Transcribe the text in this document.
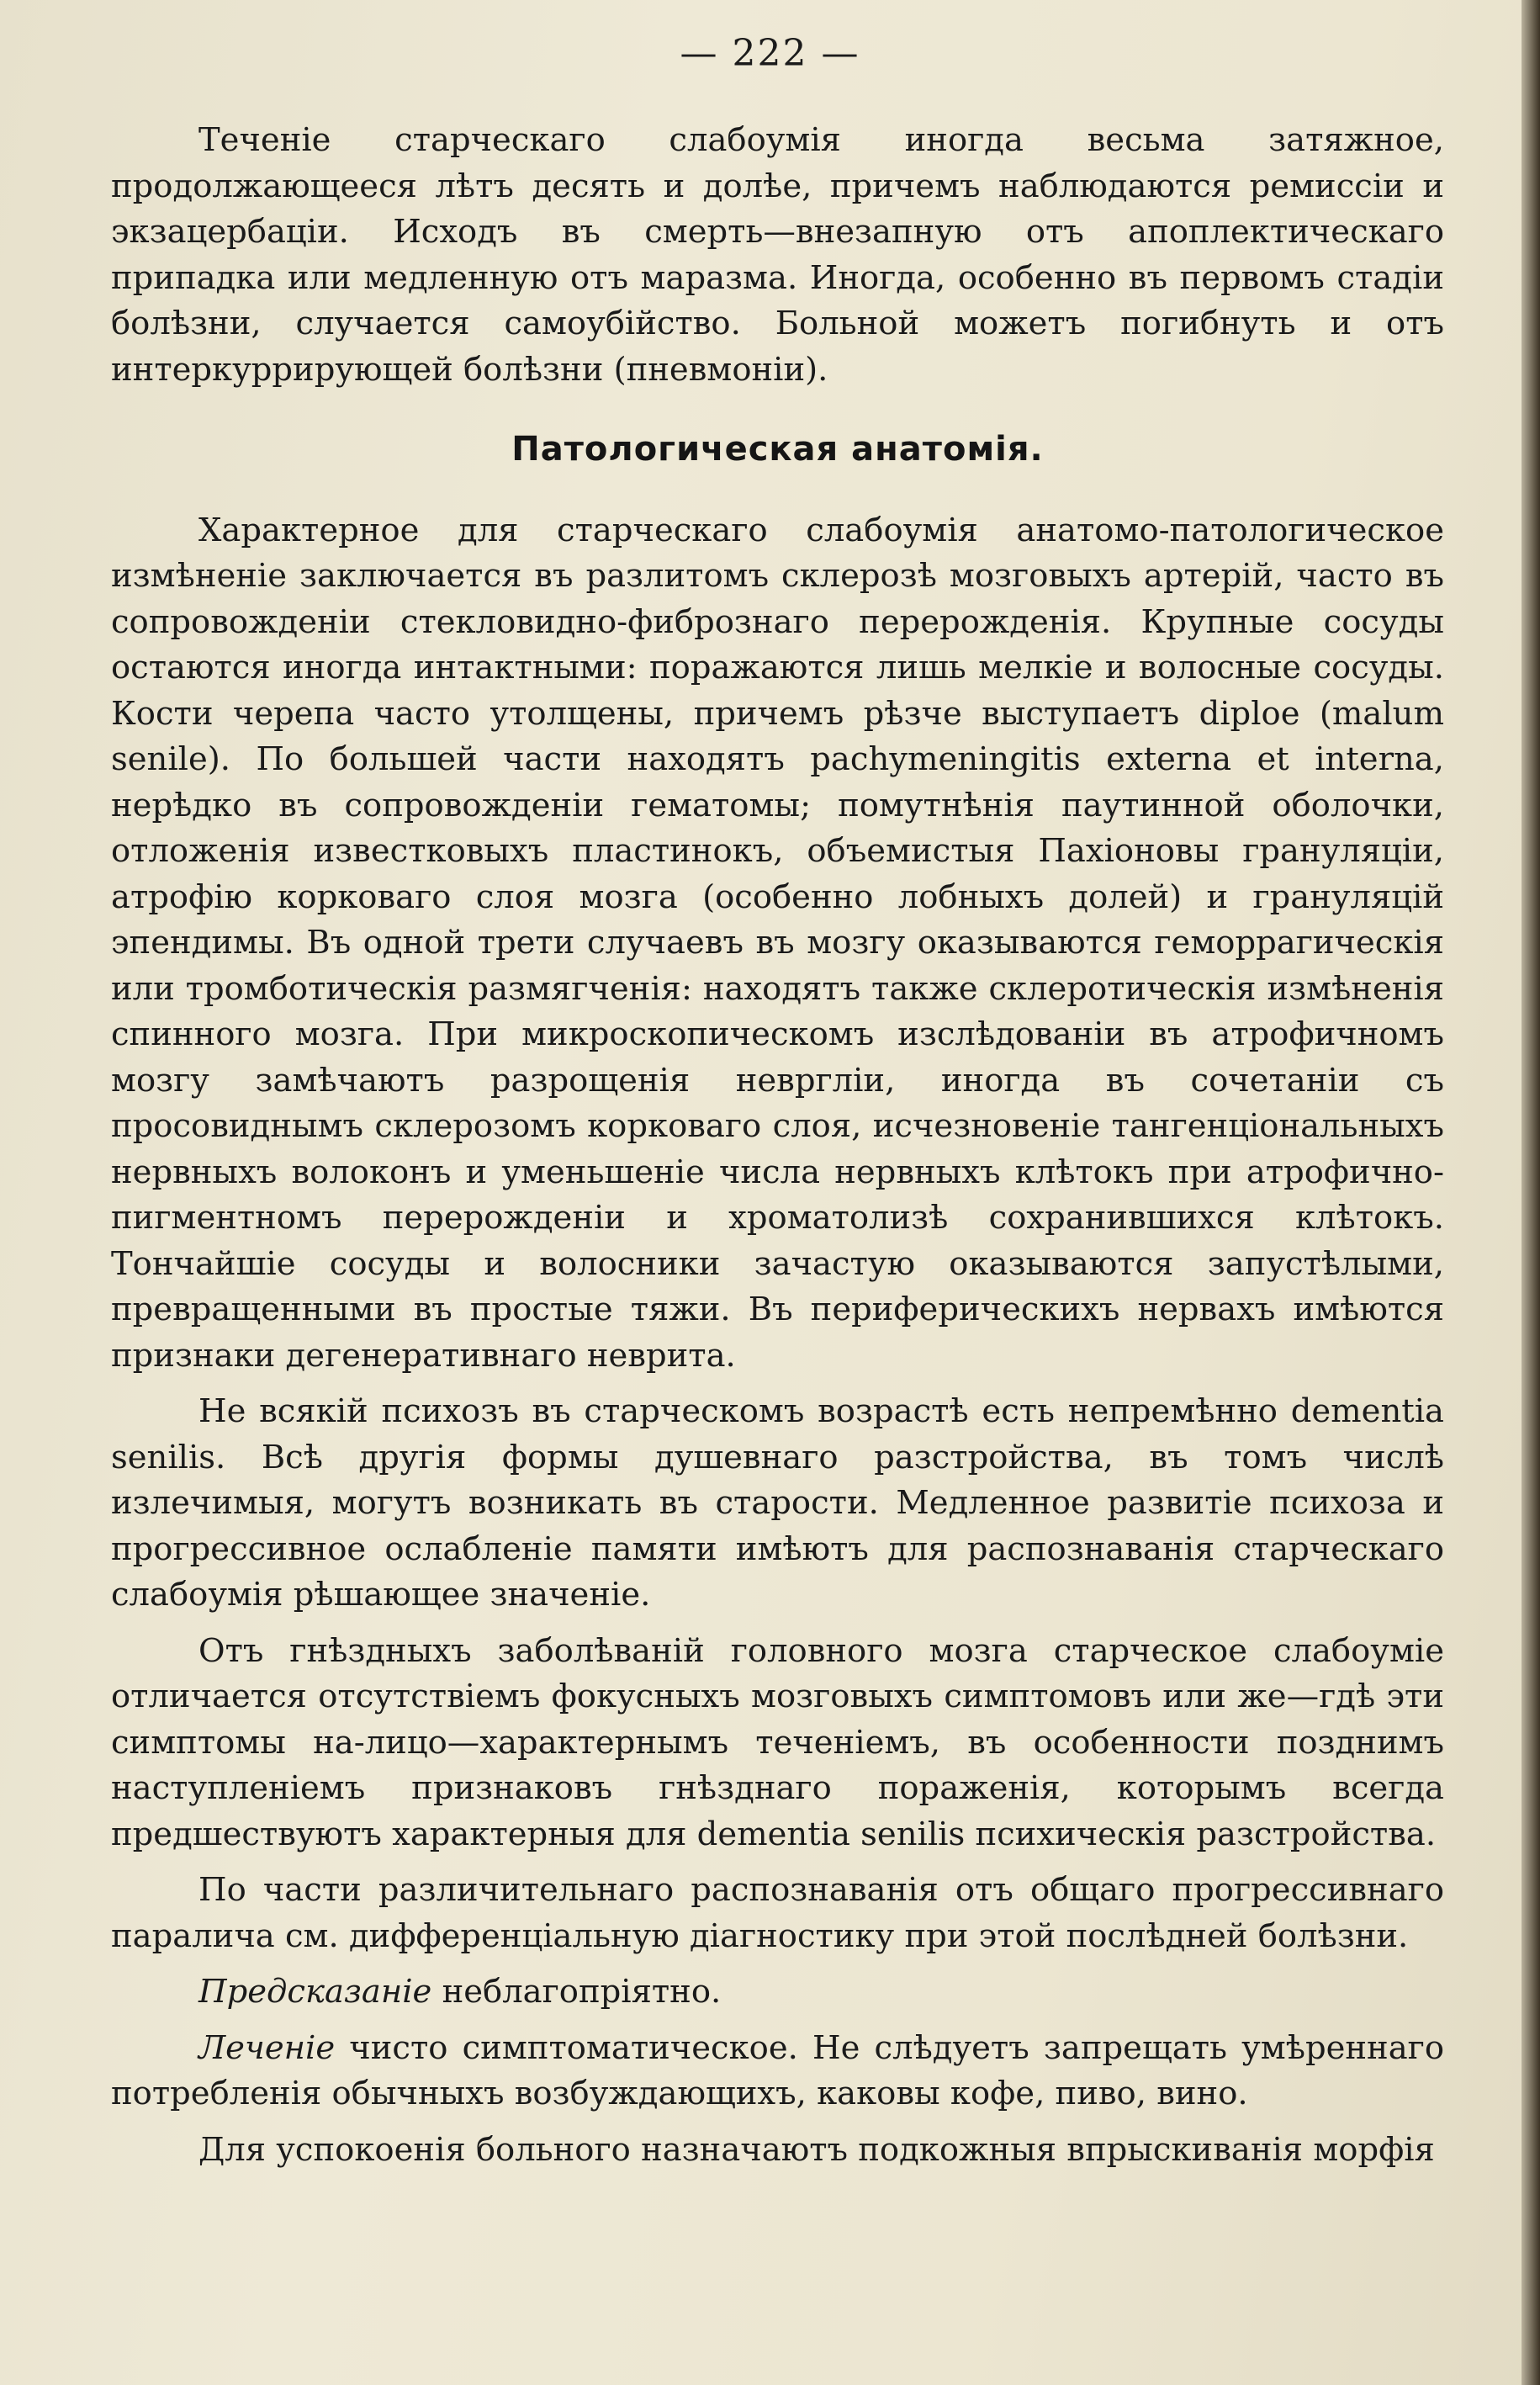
— 222 —

Теченіе старческаго слабоумія иногда весьма затяжное, продолжающееся лѣтъ десять и долѣе, причемъ наблюдаются ремиссіи и экзацербаціи. Исходъ въ смерть—внезапную отъ апоплектическаго припадка или медленную отъ маразма. Иногда, особенно въ первомъ стадіи болѣзни, случается самоубійство. Больной можетъ погибнуть и отъ интеркуррирующей болѣзни (пневмоніи).

Патологическая анатомія.

Характерное для старческаго слабоумія анатомо-патологическое измѣненіе заключается въ разлитомъ склерозѣ мозговыхъ артерій, часто въ сопровожденіи стекловидно-фибрознаго перерожденія. Крупные сосуды остаются иногда интактными: поражаются лишь мелкіе и волосные сосуды. Кости черепа часто утолщены, причемъ рѣзче выступаетъ diploe (malum senile). По большей части находятъ pachymeningitis externa et interna, нерѣдко въ сопровожденіи гематомы; помутнѣнія паутинной оболочки, отложенія известковыхъ пластинокъ, объемистыя Пахіоновы грануляціи, атрофію корковаго слоя мозга (особенно лобныхъ долей) и грануляцій эпендимы. Въ одной трети случаевъ въ мозгу оказываются геморрагическія или тромботическія размягченія: находятъ также склеротическія измѣненія спинного мозга. При микроскопическомъ изслѣдованіи въ атрофичномъ мозгу замѣчаютъ разрощенія невргліи, иногда въ сочетаніи съ просовиднымъ склерозомъ корковаго слоя, исчезновеніе тангенціональныхъ нервныхъ волоконъ и уменьшеніе числа нервныхъ клѣтокъ при атрофично-пигментномъ перерожденіи и хроматолизѣ сохранившихся клѣтокъ. Тончайшіе сосуды и волосники зачастую оказываются запустѣлыми, превращенными въ простые тяжи. Въ периферическихъ нервахъ имѣются признаки дегенеративнаго неврита.

Не всякій психозъ въ старческомъ возрастѣ есть непремѣнно dementia senilis. Всѣ другія формы душевнаго разстройства, въ томъ числѣ излечимыя, могутъ возникать въ старости. Медленное развитіе психоза и прогрессивное ослабленіе памяти имѣютъ для распознаванія старческаго слабоумія рѣшающее значеніе.

Отъ гнѣздныхъ заболѣваній головного мозга старческое слабоуміе отличается отсутствіемъ фокусныхъ мозговыхъ симптомовъ или же—гдѣ эти симптомы на-лицо—характернымъ теченіемъ, въ особенности позднимъ наступленіемъ признаковъ гнѣзднаго пораженія, которымъ всегда предшествуютъ характерныя для dementia senilis психическія разстройства.

По части различительнаго распознаванія отъ общаго прогрессивнаго паралича см. дифференціальную діагностику при этой послѣдней болѣзни.

Предсказаніе неблагопріятно.

Леченіе чисто симптоматическое. Не слѣдуетъ запрещать умѣреннаго потребленія обычныхъ возбуждающихъ, каковы кофе, пиво, вино.

Для успокоенія больного назначаютъ подкожныя впрыскиванія морфія
